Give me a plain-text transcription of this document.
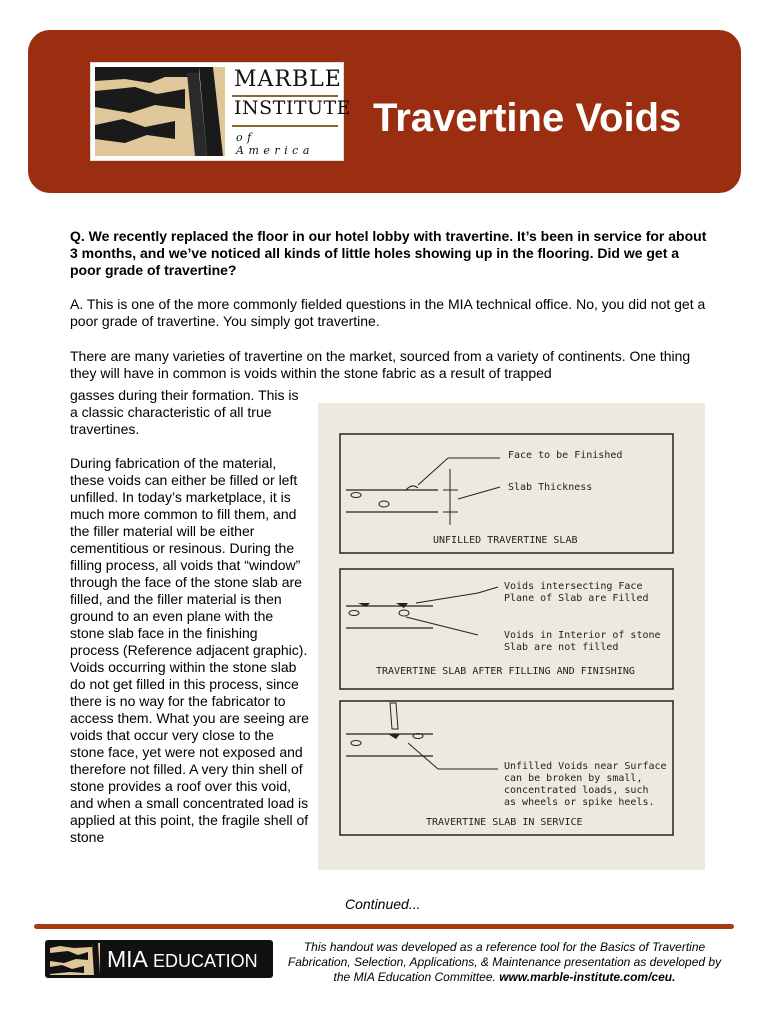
MARBLE
INSTITUTE
of America
Travertine Voids
Q. We recently replaced the floor in our hotel lobby with travertine. It’s been in service for about 3 months, and we’ve noticed all kinds of little holes showing up in the flooring. Did we get a poor grade of travertine?
A. This is one of the more commonly fielded questions in the MIA technical office. No, you did not get a poor grade of travertine. You simply got travertine.
There are many varieties of travertine on the market, sourced from a variety of continents. One thing they will have in common is voids within the stone fabric as a result of trapped

gasses during their formation. This is a classic characteristic of all true travertines.

During fabrication of the material, these voids can either be filled or left unfilled. In today’s marketplace, it is much more common to fill them, and the filler material will be either cementitious or resinous. During the filling process, all voids that “window” through the face of the stone slab are filled, and the filler material is then ground to an even plane with the stone slab face in the finishing process (Reference adjacent graphic). Voids occurring within the stone slab do not get filled in this process, since there is no way for the fabricator to access them. What you are seeing are voids that occur very close to the stone face, yet were not exposed and therefore not filled. A very thin shell of stone provides a roof over this void, and when a small concentrated load is applied at this point, the fragile shell of stone

Face to be Finished
Slab Thickness
UNFILLED TRAVERTINE SLAB
Voids intersecting Face
Plane of Slab are Filled
Voids in Interior of stone
Slab are not filled
TRAVERTINE SLAB AFTER FILLING AND FINISHING
Unfilled Voids near Surface
can be broken by small,
concentrated loads, such
as wheels or spike heels.
TRAVERTINE SLAB IN SERVICE
Continued...
MIA EDUCATION
This handout was developed as a reference tool for the Basics of Travertine Fabrication, Selection, Applications, & Maintenance presentation as developed by the MIA Education Committee. www.marble-institute.com/ceu.
